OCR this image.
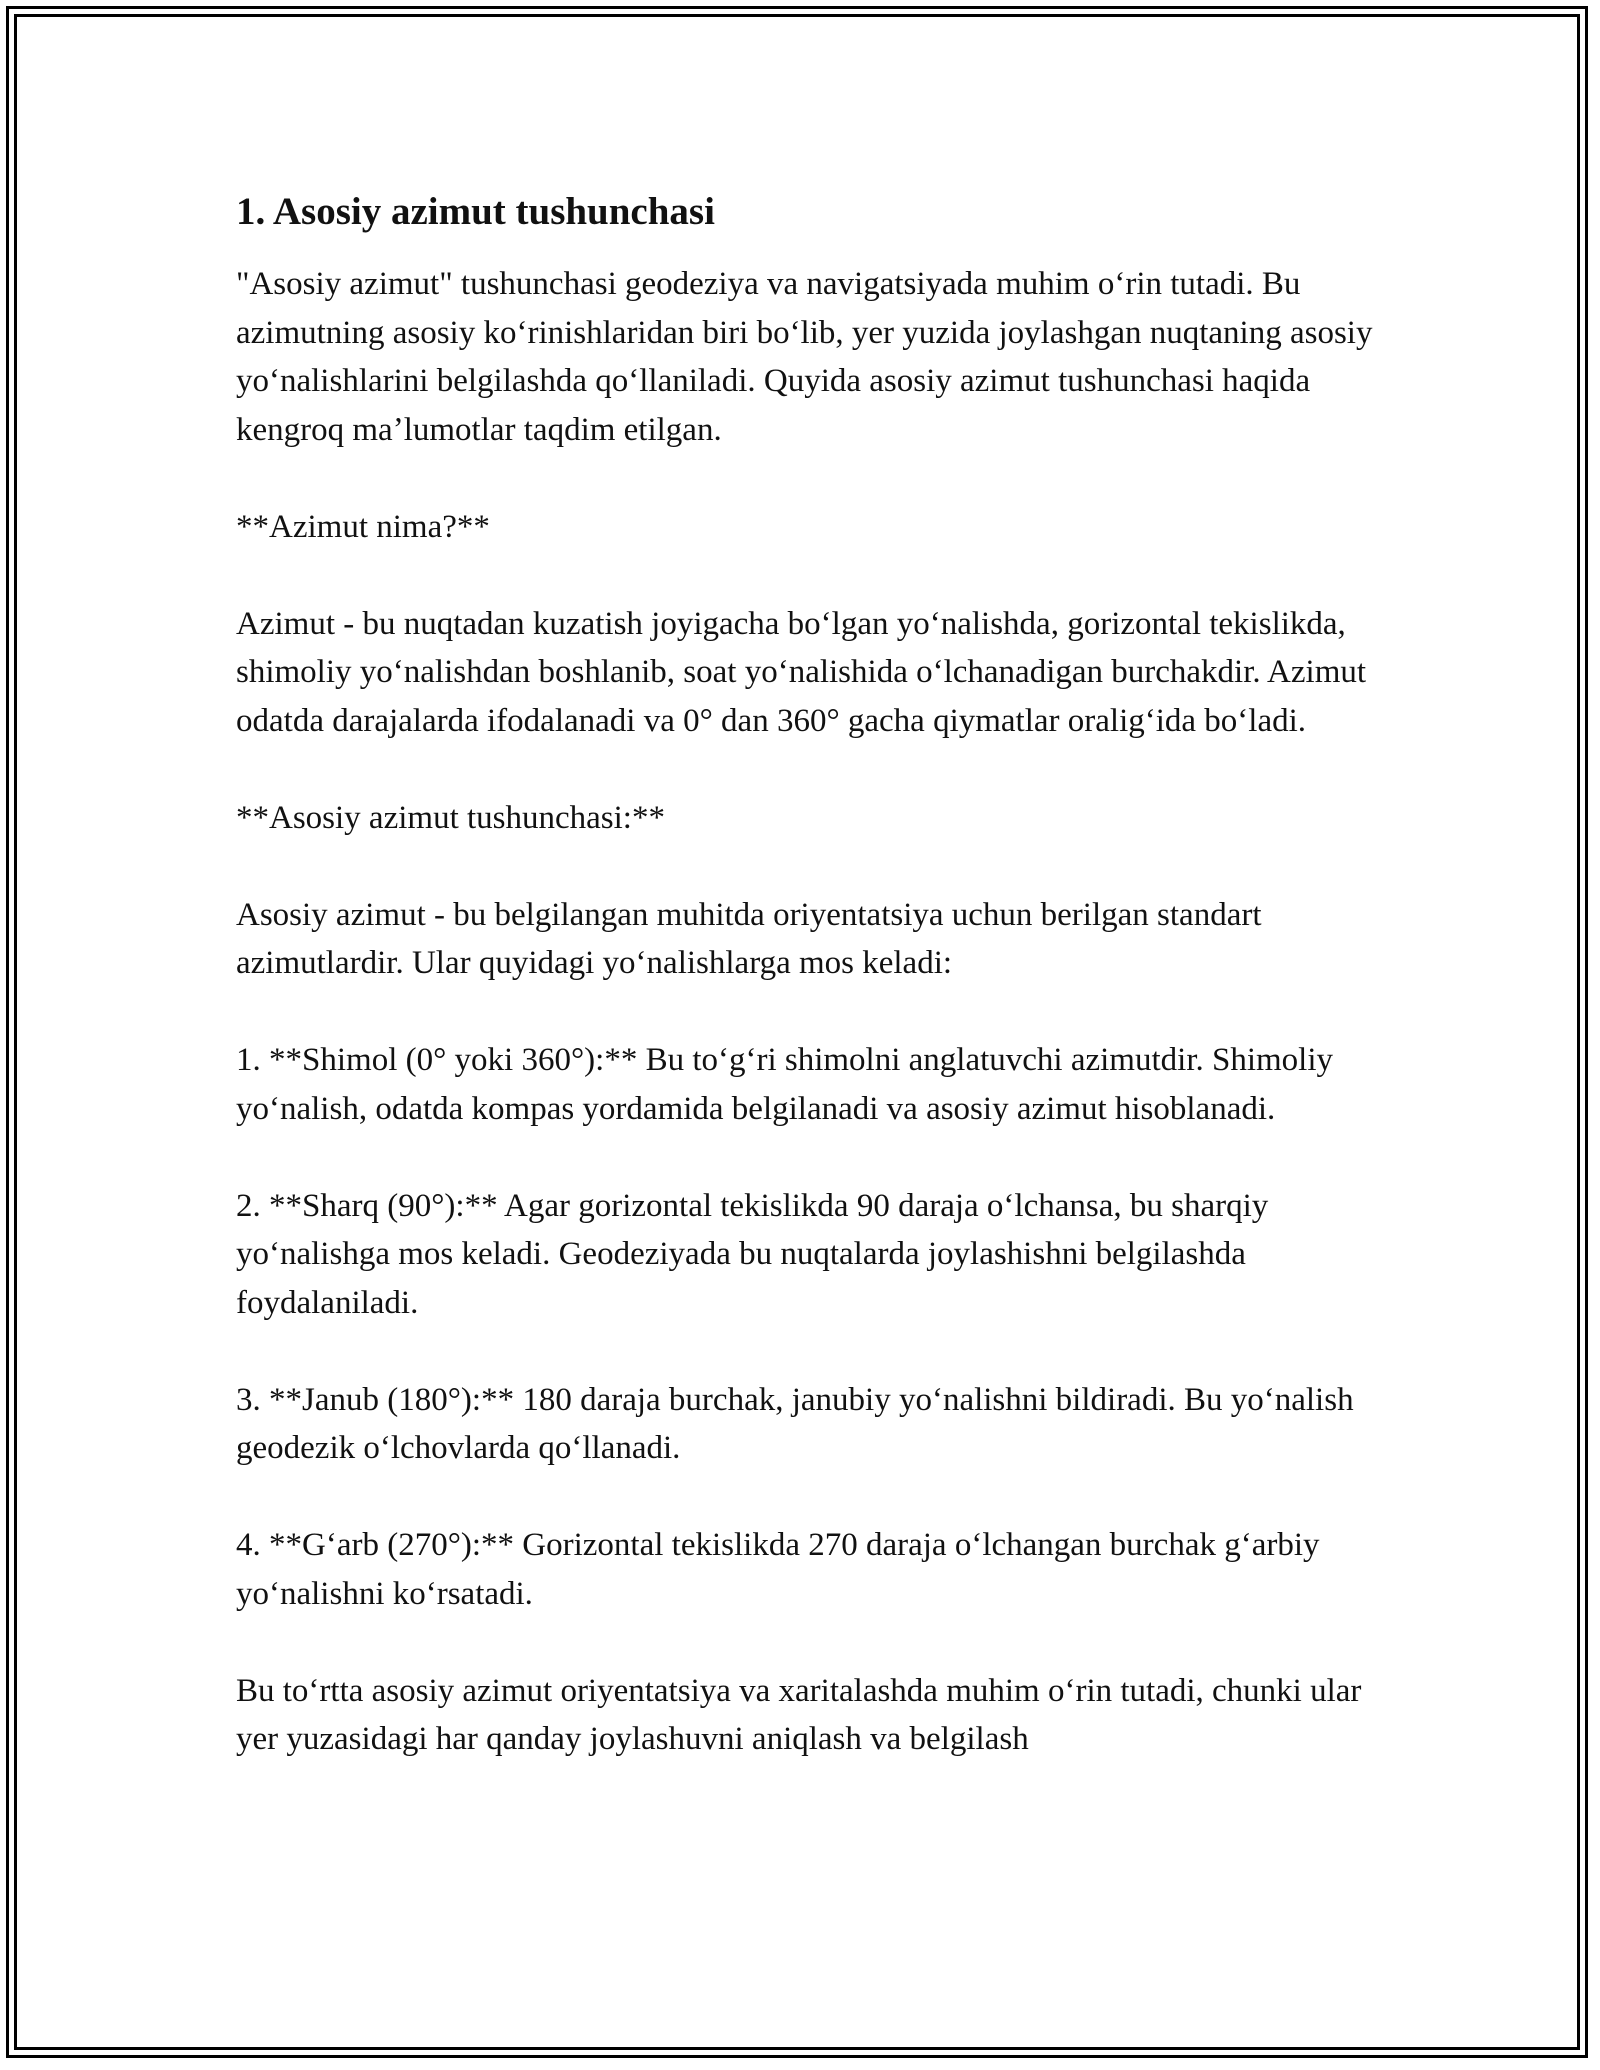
1. Asosiy azimut tushunchasi

"Asosiy azimut" tushunchasi geodeziya va navigatsiyada muhim oʻrin tutadi. Bu azimutning asosiy koʻrinishlaridan biri boʻlib, yer yuzida joylashgan nuqtaning asosiy yoʻnalishlarini belgilashda qoʻllaniladi. Quyida asosiy azimut tushunchasi haqida kengroq maʼlumotlar taqdim etilgan.

**Azimut nima?**

Azimut - bu nuqtadan kuzatish joyigacha boʻlgan yoʻnalishda, gorizontal tekislikda, shimoliy yoʻnalishdan boshlanib, soat yoʻnalishida oʻlchanadigan burchakdir. Azimut odatda darajalarda ifodalanadi va 0° dan 360° gacha qiymatlar oraligʻida boʻladi.

**Asosiy azimut tushunchasi:**

Asosiy azimut - bu belgilangan muhitda oriyentatsiya uchun berilgan standart azimutlardir. Ular quyidagi yoʻnalishlarga mos keladi:

1. **Shimol (0° yoki 360°):** Bu toʻgʻri shimolni anglatuvchi azimutdir. Shimoliy yoʻnalish, odatda kompas yordamida belgilanadi va asosiy azimut hisoblanadi.

2. **Sharq (90°):** Agar gorizontal tekislikda 90 daraja oʻlchansa, bu sharqiy yoʻnalishga mos keladi. Geodeziyada bu nuqtalarda joylashishni belgilashda foydalaniladi.

3. **Janub (180°):** 180 daraja burchak, janubiy yoʻnalishni bildiradi. Bu yoʻnalish geodezik oʻlchovlarda qoʻllanadi.

4. **Gʻarb (270°):** Gorizontal tekislikda 270 daraja oʻlchangan burchak gʻarbiy yoʻnalishni koʻrsatadi.

Bu toʻrtta asosiy azimut oriyentatsiya va xaritalashda muhim oʻrin tutadi, chunki ular yer yuzasidagi har qanday joylashuvni aniqlash va belgilash
